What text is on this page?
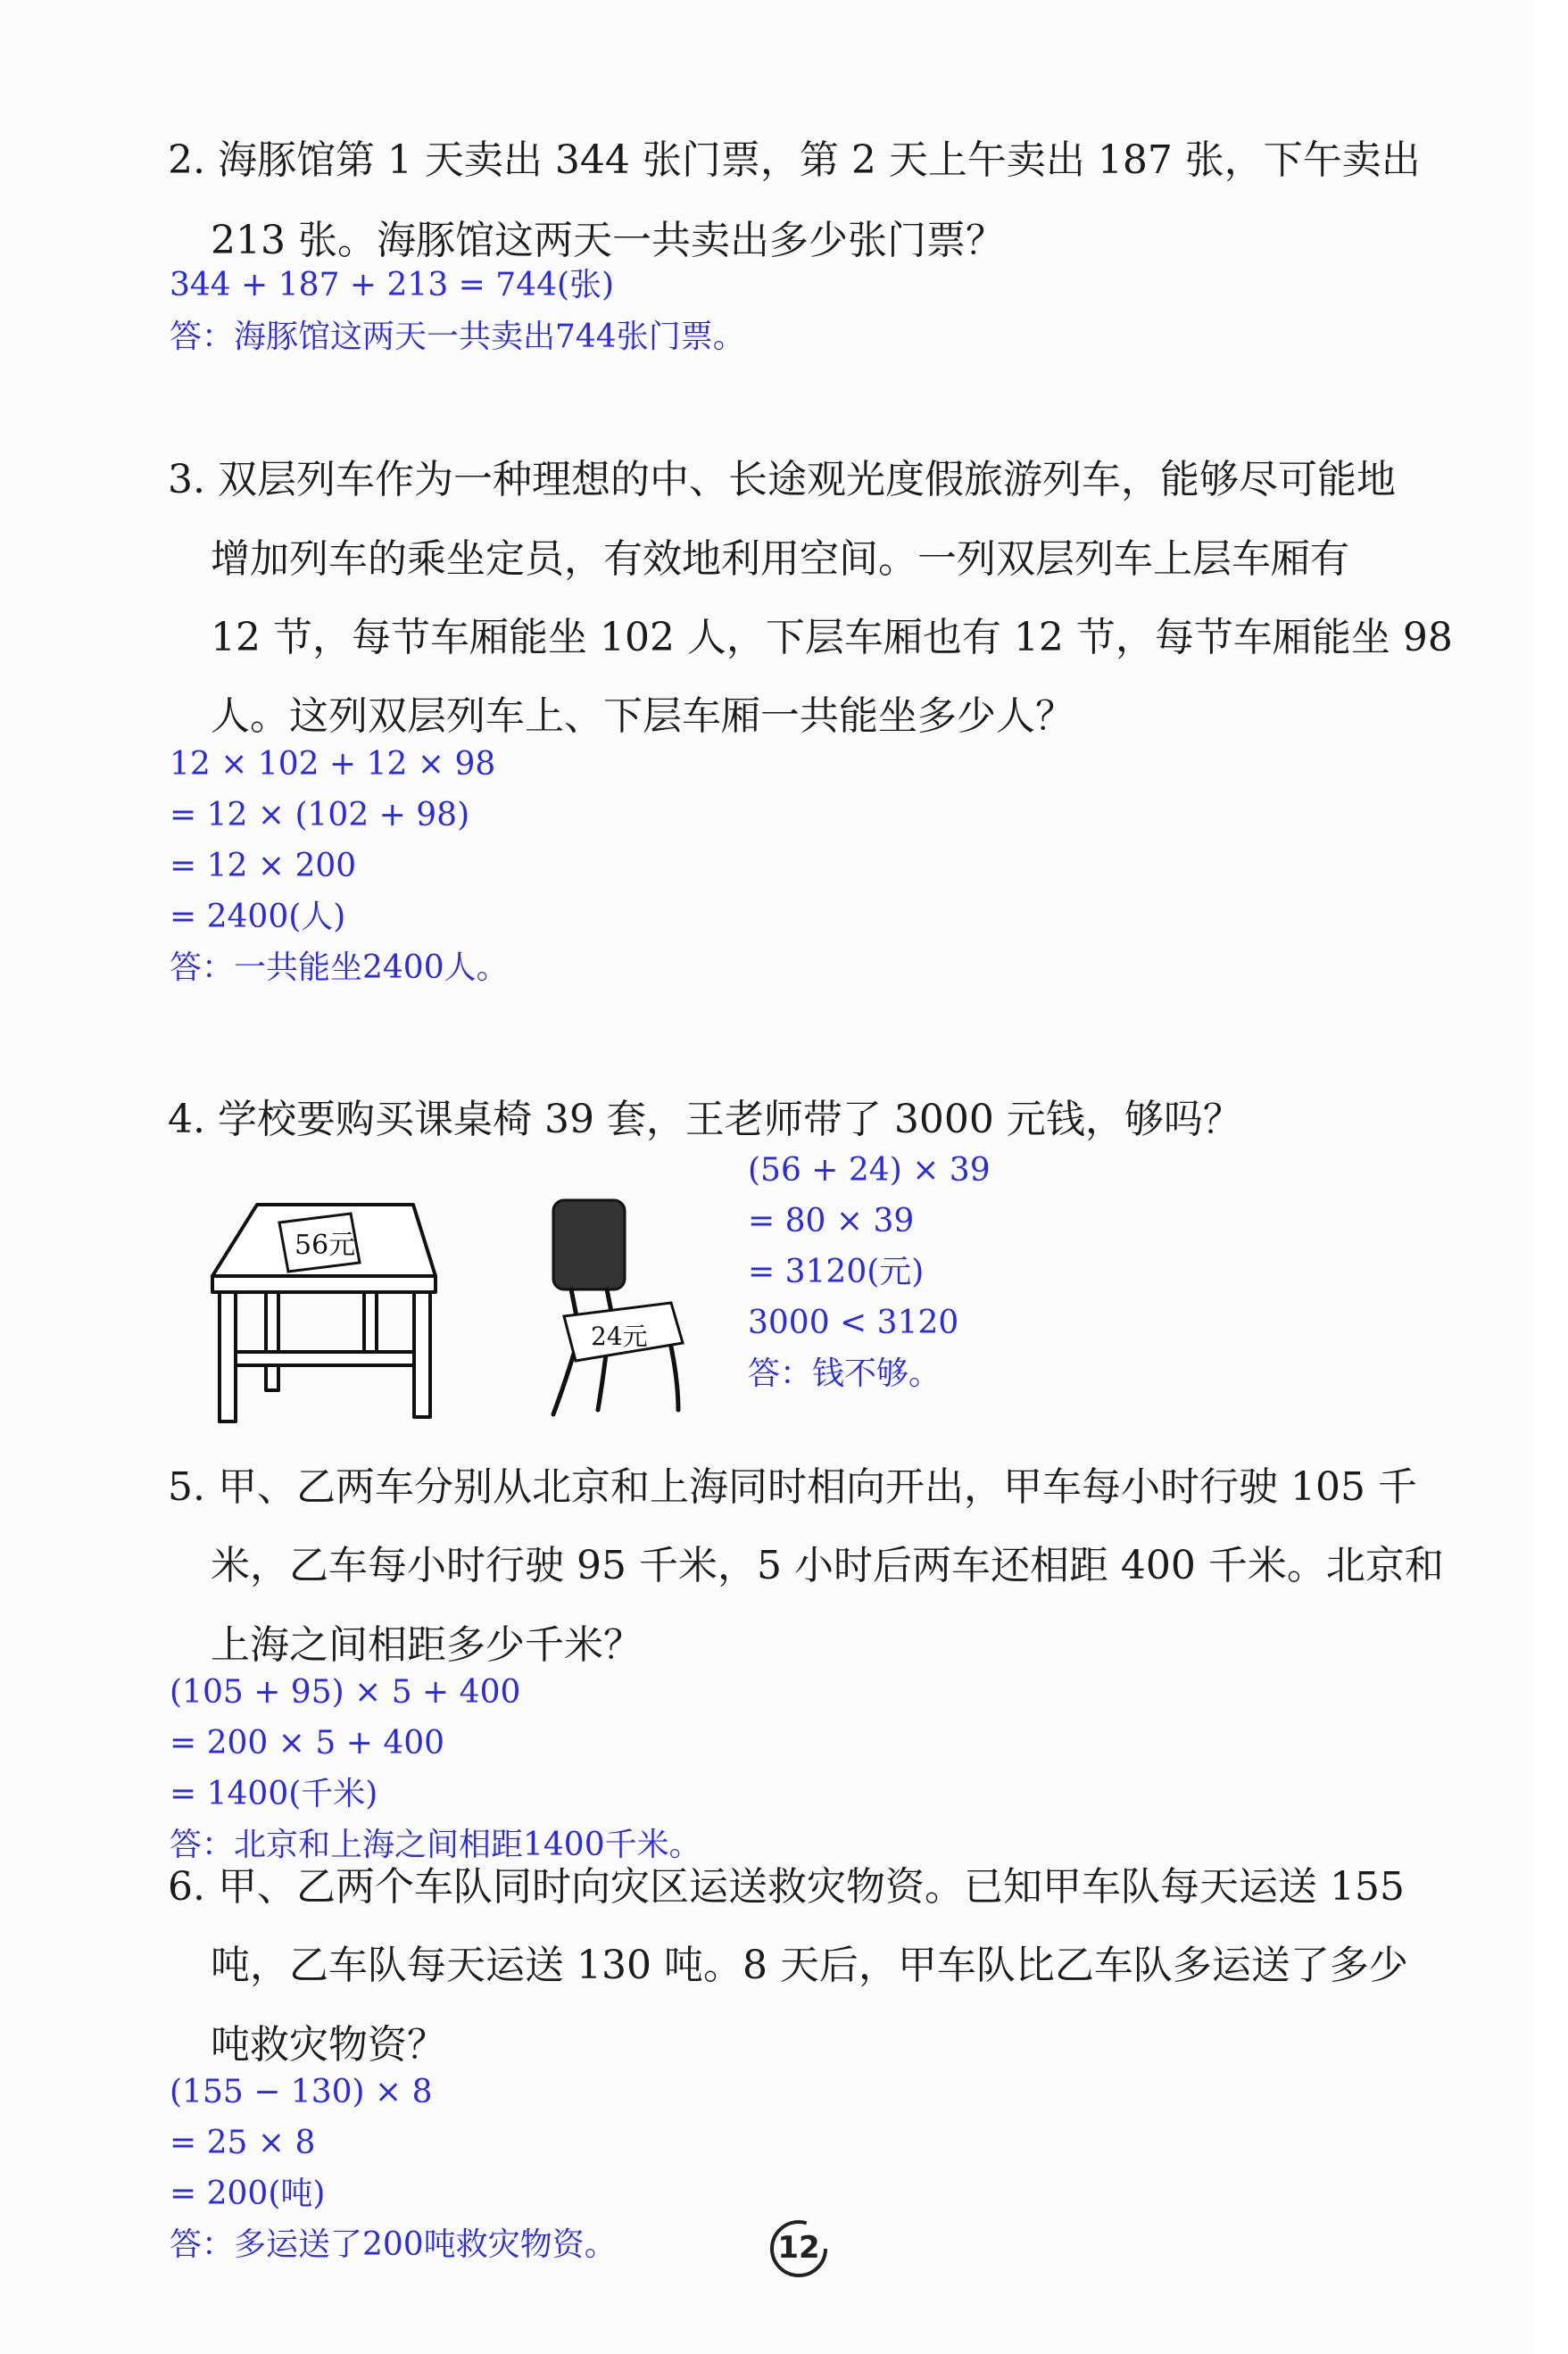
2. 海豚馆第 1 天卖出 344 张门票，第 2 天上午卖出 187 张，下午卖出
213 张。海豚馆这两天一共卖出多少张门票？
344 + 187 + 213 = 744(张)
答：海豚馆这两天一共卖出744张门票。
3. 双层列车作为一种理想的中、长途观光度假旅游列车，能够尽可能地
增加列车的乘坐定员，有效地利用空间。一列双层列车上层车厢有
12 节，每节车厢能坐 102 人，下层车厢也有 12 节，每节车厢能坐 98
人。这列双层列车上、下层车厢一共能坐多少人？
12 × 102 + 12 × 98
= 12 × (102 + 98)
= 12 × 200
= 2400(人)
答：一共能坐2400人。
4. 学校要购买课桌椅 39 套，王老师带了 3000 元钱，够吗？
56元
24元
(56 + 24) × 39
= 80 × 39
= 3120(元)
3000 < 3120
答：钱不够。
5. 甲、乙两车分别从北京和上海同时相向开出，甲车每小时行驶 105 千
米，乙车每小时行驶 95 千米，5 小时后两车还相距 400 千米。北京和
上海之间相距多少千米？
(105 + 95) × 5 + 400
= 200 × 5 + 400
= 1400(千米)
答：北京和上海之间相距1400千米。
6. 甲、乙两个车队同时向灾区运送救灾物资。已知甲车队每天运送 155
吨，乙车队每天运送 130 吨。8 天后，甲车队比乙车队多运送了多少
吨救灾物资？
(155 − 130) × 8
= 25 × 8
= 200(吨)
答：多运送了200吨救灾物资。	12
